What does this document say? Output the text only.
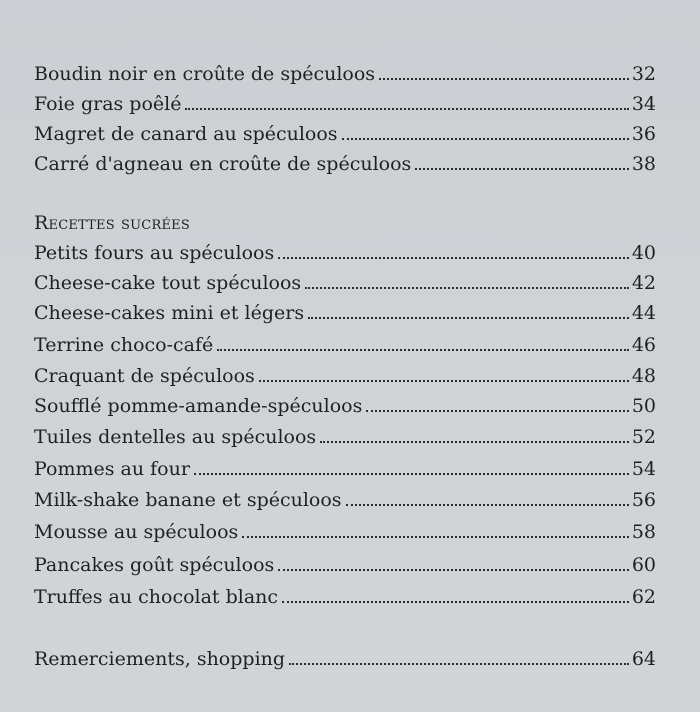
Boudin noir en croûte de spéculoos	32
Foie gras poêlé	34
Magret de canard au spéculoos	36
Carré d'agneau en croûte de spéculoos	38
Recettes sucrées
Petits fours au spéculoos	40
Cheese-cake tout spéculoos	42
Cheese-cakes mini et légers	44
Terrine choco-café	46
Craquant de spéculoos	48
Soufflé pomme-amande-spéculoos	50
Tuiles dentelles au spéculoos	52
Pommes au four	54
Milk-shake banane et spéculoos	56
Mousse au spéculoos	58
Pancakes goût spéculoos	60
Truffes au chocolat blanc	62
Remerciements, shopping	64
